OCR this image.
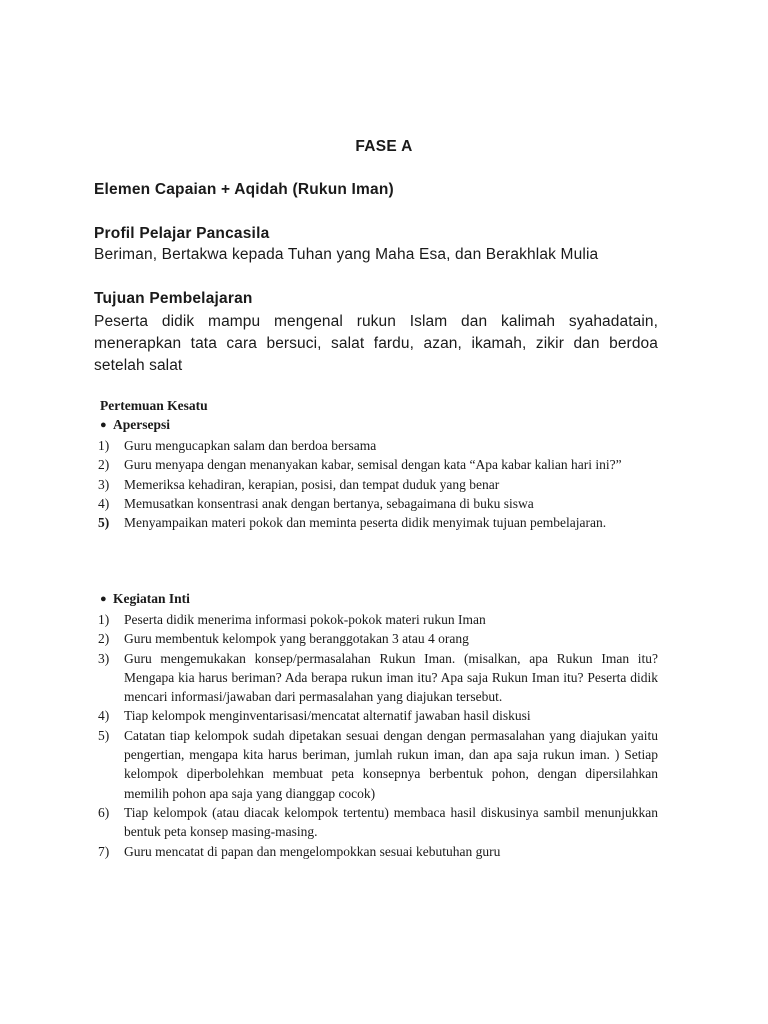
FASE A
Elemen Capaian + Aqidah (Rukun Iman)
Profil Pelajar Pancasila
Beriman, Bertakwa kepada Tuhan yang Maha Esa, dan Berakhlak Mulia
Tujuan Pembelajaran
Peserta didik mampu mengenal rukun Islam dan kalimah syahadatain, menerapkan tata cara bersuci, salat fardu, azan, ikamah, zikir dan berdoa setelah salat
Pertemuan Kesatu
● Apersepsi
1)	Guru mengucapkan salam dan berdoa bersama
2)	Guru menyapa dengan menanyakan kabar, semisal dengan kata “Apa kabar kalian hari ini?”
3)	Memeriksa kehadiran, kerapian, posisi, dan tempat duduk yang benar
4)	Memusatkan konsentrasi anak dengan bertanya, sebagaimana di buku siswa
5)	Menyampaikan materi pokok dan meminta peserta didik menyimak tujuan pembelajaran.
● Kegiatan Inti
1)	Peserta didik menerima informasi pokok-pokok materi rukun Iman
2)	Guru membentuk kelompok yang beranggotakan 3 atau 4 orang
3)	Guru mengemukakan konsep/permasalahan Rukun Iman. (misalkan, apa Rukun Iman itu? Mengapa kia harus beriman? Ada berapa rukun iman itu? Apa saja Rukun Iman itu? Peserta didik mencari informasi/jawaban dari permasalahan yang diajukan tersebut.
4)	Tiap kelompok menginventarisasi/mencatat alternatif jawaban hasil diskusi
5)	Catatan tiap kelompok sudah dipetakan sesuai dengan dengan permasalahan yang diajukan yaitu pengertian, mengapa kita harus beriman, jumlah rukun iman, dan apa saja rukun iman. ) Setiap kelompok diperbolehkan membuat peta konsepnya berbentuk pohon, dengan dipersilahkan memilih pohon apa saja yang dianggap cocok)
6)	Tiap kelompok (atau diacak kelompok tertentu) membaca hasil diskusinya sambil menunjukkan bentuk peta konsep masing-masing.
7)	Guru mencatat di papan dan mengelompokkan sesuai kebutuhan guru
